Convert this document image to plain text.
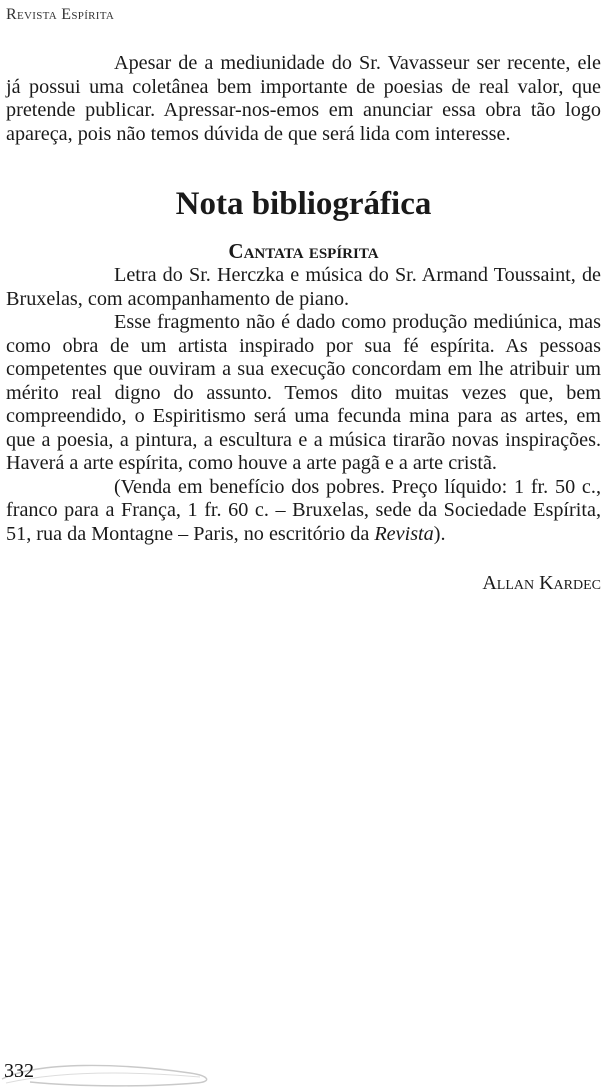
Revista Espírita

Apesar de a mediunidade do Sr. Vavasseur ser recente, ele já possui uma coletânea bem importante de poesias de real valor, que pretende publicar. Apressar-nos-emos em anunciar essa obra tão logo apareça, pois não temos dúvida de que será lida com interesse.

Nota bibliográfica
Cantata espírita

Letra do Sr. Herczka e música do Sr. Armand Toussaint, de Bruxelas, com acompanhamento de piano.

Esse fragmento não é dado como produção mediúnica, mas como obra de um artista inspirado por sua fé espírita. As pessoas competentes que ouviram a sua execução concordam em lhe atribuir um mérito real digno do assunto. Temos dito muitas vezes que, bem compreendido, o Espiritismo será uma fecunda mina para as artes, em que a poesia, a pintura, a escultura e a música tirarão novas inspirações. Haverá a arte espírita, como houve a arte pagã e a arte cristã.

(Venda em benefício dos pobres. Preço líquido: 1 fr. 50 c., franco para a França, 1 fr. 60 c. – Bruxelas, sede da Sociedade Espírita, 51, rua da Montagne – Paris, no escritório da Revista).

Allan Kardec
332
